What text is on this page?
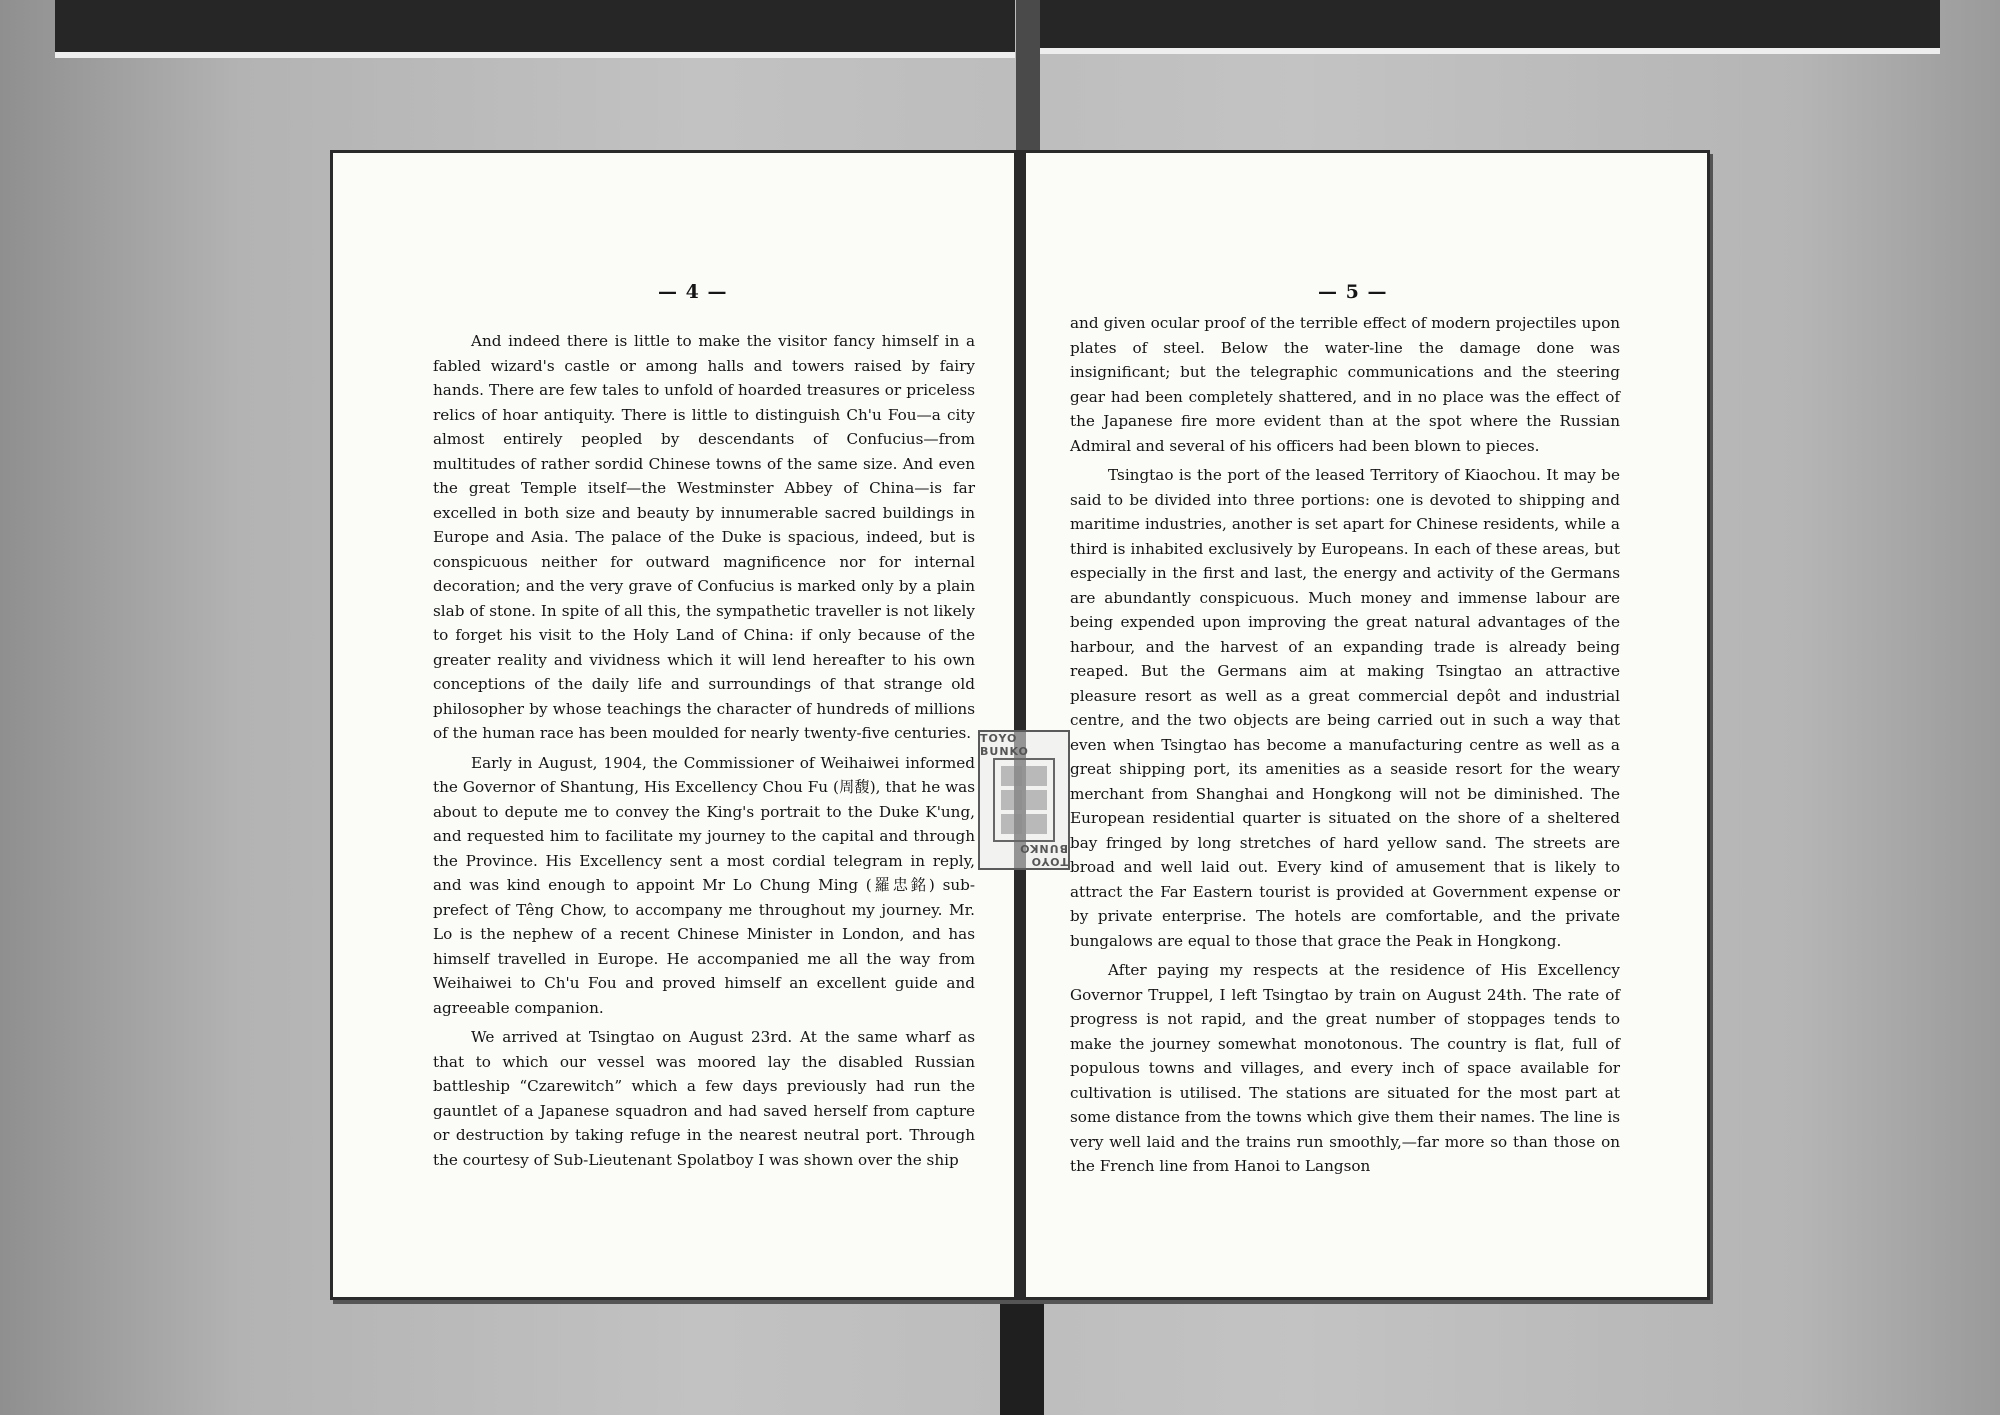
— 4 —

And indeed there is little to make the visitor fancy himself in a fabled wizard's castle or among halls and towers raised by fairy hands. There are few tales to unfold of hoarded treasures or priceless relics of hoar antiquity. There is little to distinguish Ch'u Fou—a city almost entirely peopled by descendants of Confucius—from multitudes of rather sordid Chinese towns of the same size. And even the great Temple itself—the Westminster Abbey of China—is far excelled in both size and beauty by innumerable sacred buildings in Europe and Asia. The palace of the Duke is spacious, indeed, but is conspicuous neither for outward magnificence nor for internal decoration; and the very grave of Confucius is marked only by a plain slab of stone. In spite of all this, the sympathetic traveller is not likely to forget his visit to the Holy Land of China: if only because of the greater reality and vividness which it will lend hereafter to his own conceptions of the daily life and surroundings of that strange old philosopher by whose teachings the character of hundreds of millions of the human race has been moulded for nearly twenty-five centuries.

Early in August, 1904, the Commissioner of Weihaiwei informed the Governor of Shantung, His Excellency Chou Fu (周馥), that he was about to depute me to convey the King's portrait to the Duke K'ung, and requested him to facilitate my journey to the capital and through the Province. His Excellency sent a most cordial telegram in reply, and was kind enough to appoint Mr Lo Chung Ming (羅忠銘) sub-prefect of Têng Chow, to accompany me throughout my journey. Mr. Lo is the nephew of a recent Chinese Minister in London, and has himself travelled in Europe. He accompanied me all the way from Weihaiwei to Ch'u Fou and proved himself an excellent guide and agreeable companion.

We arrived at Tsingtao on August 23rd. At the same wharf as that to which our vessel was moored lay the disabled Russian battleship “Czarewitch” which a few days previously had run the gauntlet of a Japanese squadron and had saved herself from capture or destruction by taking refuge in the nearest neutral port. Through the courtesy of Sub-Lieutenant Spolatboy I was shown over the ship

— 5 —

and given ocular proof of the terrible effect of modern projectiles upon plates of steel. Below the water-line the damage done was insignificant; but the telegraphic communications and the steering gear had been completely shattered, and in no place was the effect of the Japanese fire more evident than at the spot where the Russian Admiral and several of his officers had been blown to pieces.

Tsingtao is the port of the leased Territory of Kiaochou. It may be said to be divided into three portions: one is devoted to shipping and maritime industries, another is set apart for Chinese residents, while a third is inhabited exclusively by Europeans. In each of these areas, but especially in the first and last, the energy and activity of the Germans are abundantly conspicuous. Much money and immense labour are being expended upon improving the great natural advantages of the harbour, and the harvest of an expanding trade is already being reaped. But the Germans aim at making Tsingtao an attractive pleasure resort as well as a great commercial depôt and industrial centre, and the two objects are being carried out in such a way that even when Tsingtao has become a manufacturing centre as well as a great shipping port, its amenities as a seaside resort for the weary merchant from Shanghai and Hongkong will not be diminished. The European residential quarter is situated on the shore of a sheltered bay fringed by long stretches of hard yellow sand. The streets are broad and well laid out. Every kind of amusement that is likely to attract the Far Eastern tourist is provided at Government expense or by private enterprise. The hotels are comfortable, and the private bungalows are equal to those that grace the Peak in Hongkong.

After paying my respects at the residence of His Excellency Governor Truppel, I left Tsingtao by train on August 24th. The rate of progress is not rapid, and the great number of stoppages tends to make the journey somewhat monotonous. The country is flat, full of populous towns and villages, and every inch of space available for cultivation is utilised. The stations are situated for the most part at some distance from the towns which give them their names. The line is very well laid and the trains run smoothly,—far more so than those on the French line from Hanoi to Langson

TOYO BUNKO
TOYO BUNKO
